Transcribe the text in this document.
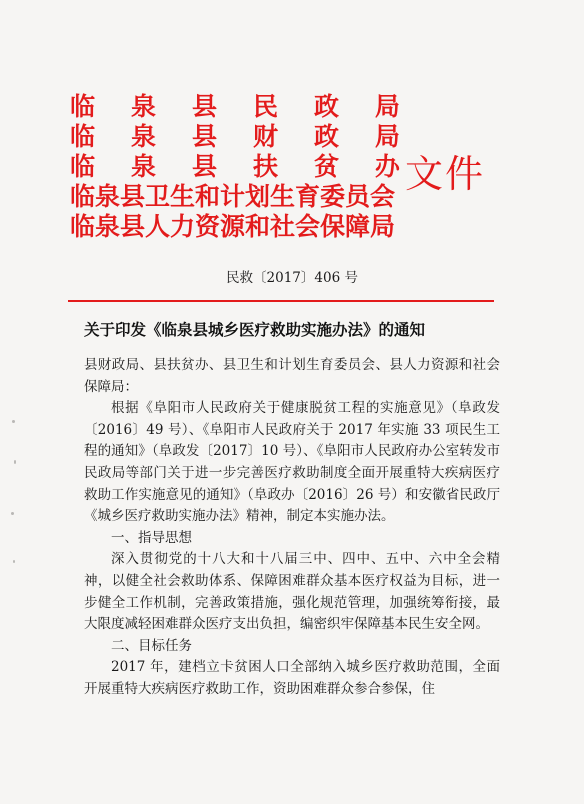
临 泉 县 民 政 局
临 泉 县 财 政 局
临 泉 县 扶 贫 办
临泉县卫生和计划生育委员会
临泉县人力资源和社会保障局
文件
民救〔2017〕406 号
关于印发《临泉县城乡医疗救助实施办法》的通知

县财政局、县扶贫办、县卫生和计划生育委员会、县人力资源和社会保障局：

根据《阜阳市人民政府关于健康脱贫工程的实施意见》（阜政发〔2016〕49 号）、《阜阳市人民政府关于 2017 年实施 33 项民生工程的通知》（阜政发〔2017〕10 号）、《阜阳市人民政府办公室转发市民政局等部门关于进一步完善医疗救助制度全面开展重特大疾病医疗救助工作实施意见的通知》（阜政办〔2016〕26 号）和安徽省民政厅《城乡医疗救助实施办法》精神，制定本实施办法。

一、指导思想

深入贯彻党的十八大和十八届三中、四中、五中、六中全会精神，以健全社会救助体系、保障困难群众基本医疗权益为目标，进一步健全工作机制，完善政策措施，强化规范管理，加强统筹衔接，最大限度减轻困难群众医疗支出负担，编密织牢保障基本民生安全网。

二、目标任务

2017 年，建档立卡贫困人口全部纳入城乡医疗救助范围，全面开展重特大疾病医疗救助工作，资助困难群众参合参保，住
